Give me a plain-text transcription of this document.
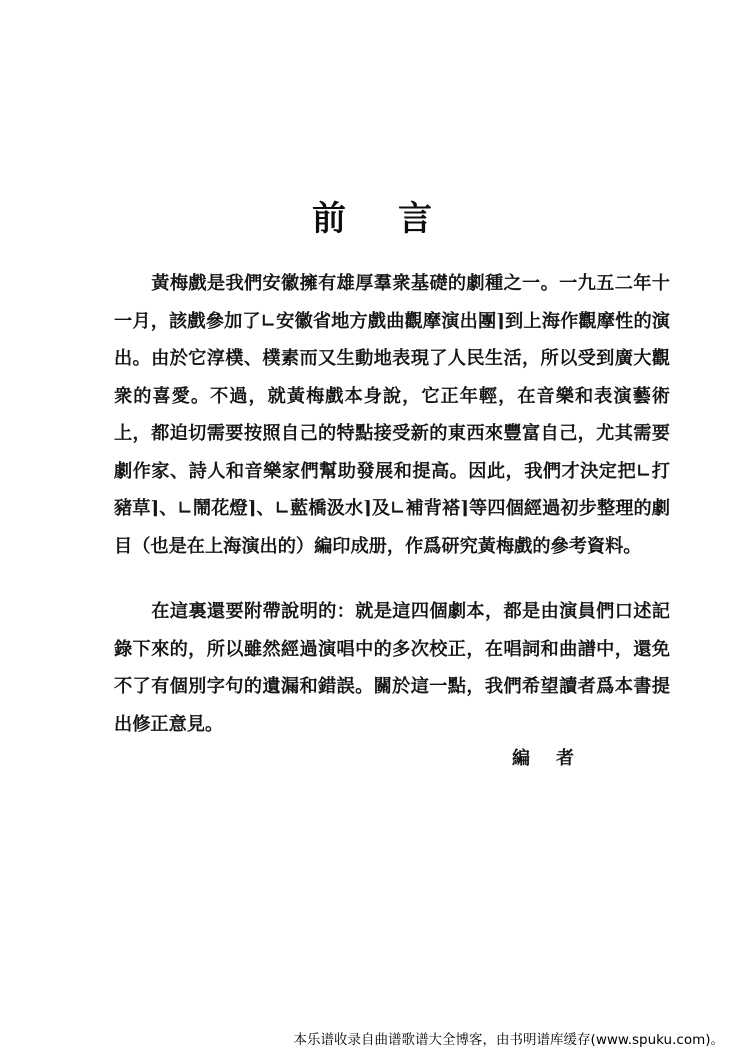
前言

黃梅戲是我們安徽擁有雄厚羣衆基礎的劇種之一。一九五二年十一月，該戲參加了∟安徽省地方戲曲觀摩演出團⌉到上海作觀摩性的演出。由於它淳樸、樸素而又生動地表現了人民生活，所以受到廣大觀衆的喜愛。不過，就黃梅戲本身說，它正年輕，在音樂和表演藝術上，都迫切需要按照自己的特點接受新的東西來豐富自己，尤其需要劇作家、詩人和音樂家們幫助發展和提高。因此，我們才決定把∟打豬草⌉、∟鬧花燈⌉、∟藍橋汲水⌉及∟補背褡⌉等四個經過初步整理的劇目（也是在上海演出的）編印成册，作爲研究黃梅戲的參考資料。

在這裏還要附帶說明的：就是這四個劇本，都是由演員們口述記錄下來的，所以雖然經過演唱中的多次校正，在唱詞和曲譜中，還免不了有個別字句的遺漏和錯誤。關於這一點，我們希望讀者爲本書提出修正意見。

編者
本乐谱收录自曲谱歌谱大全博客，由书明谱库缓存(www.spuku.com)。
